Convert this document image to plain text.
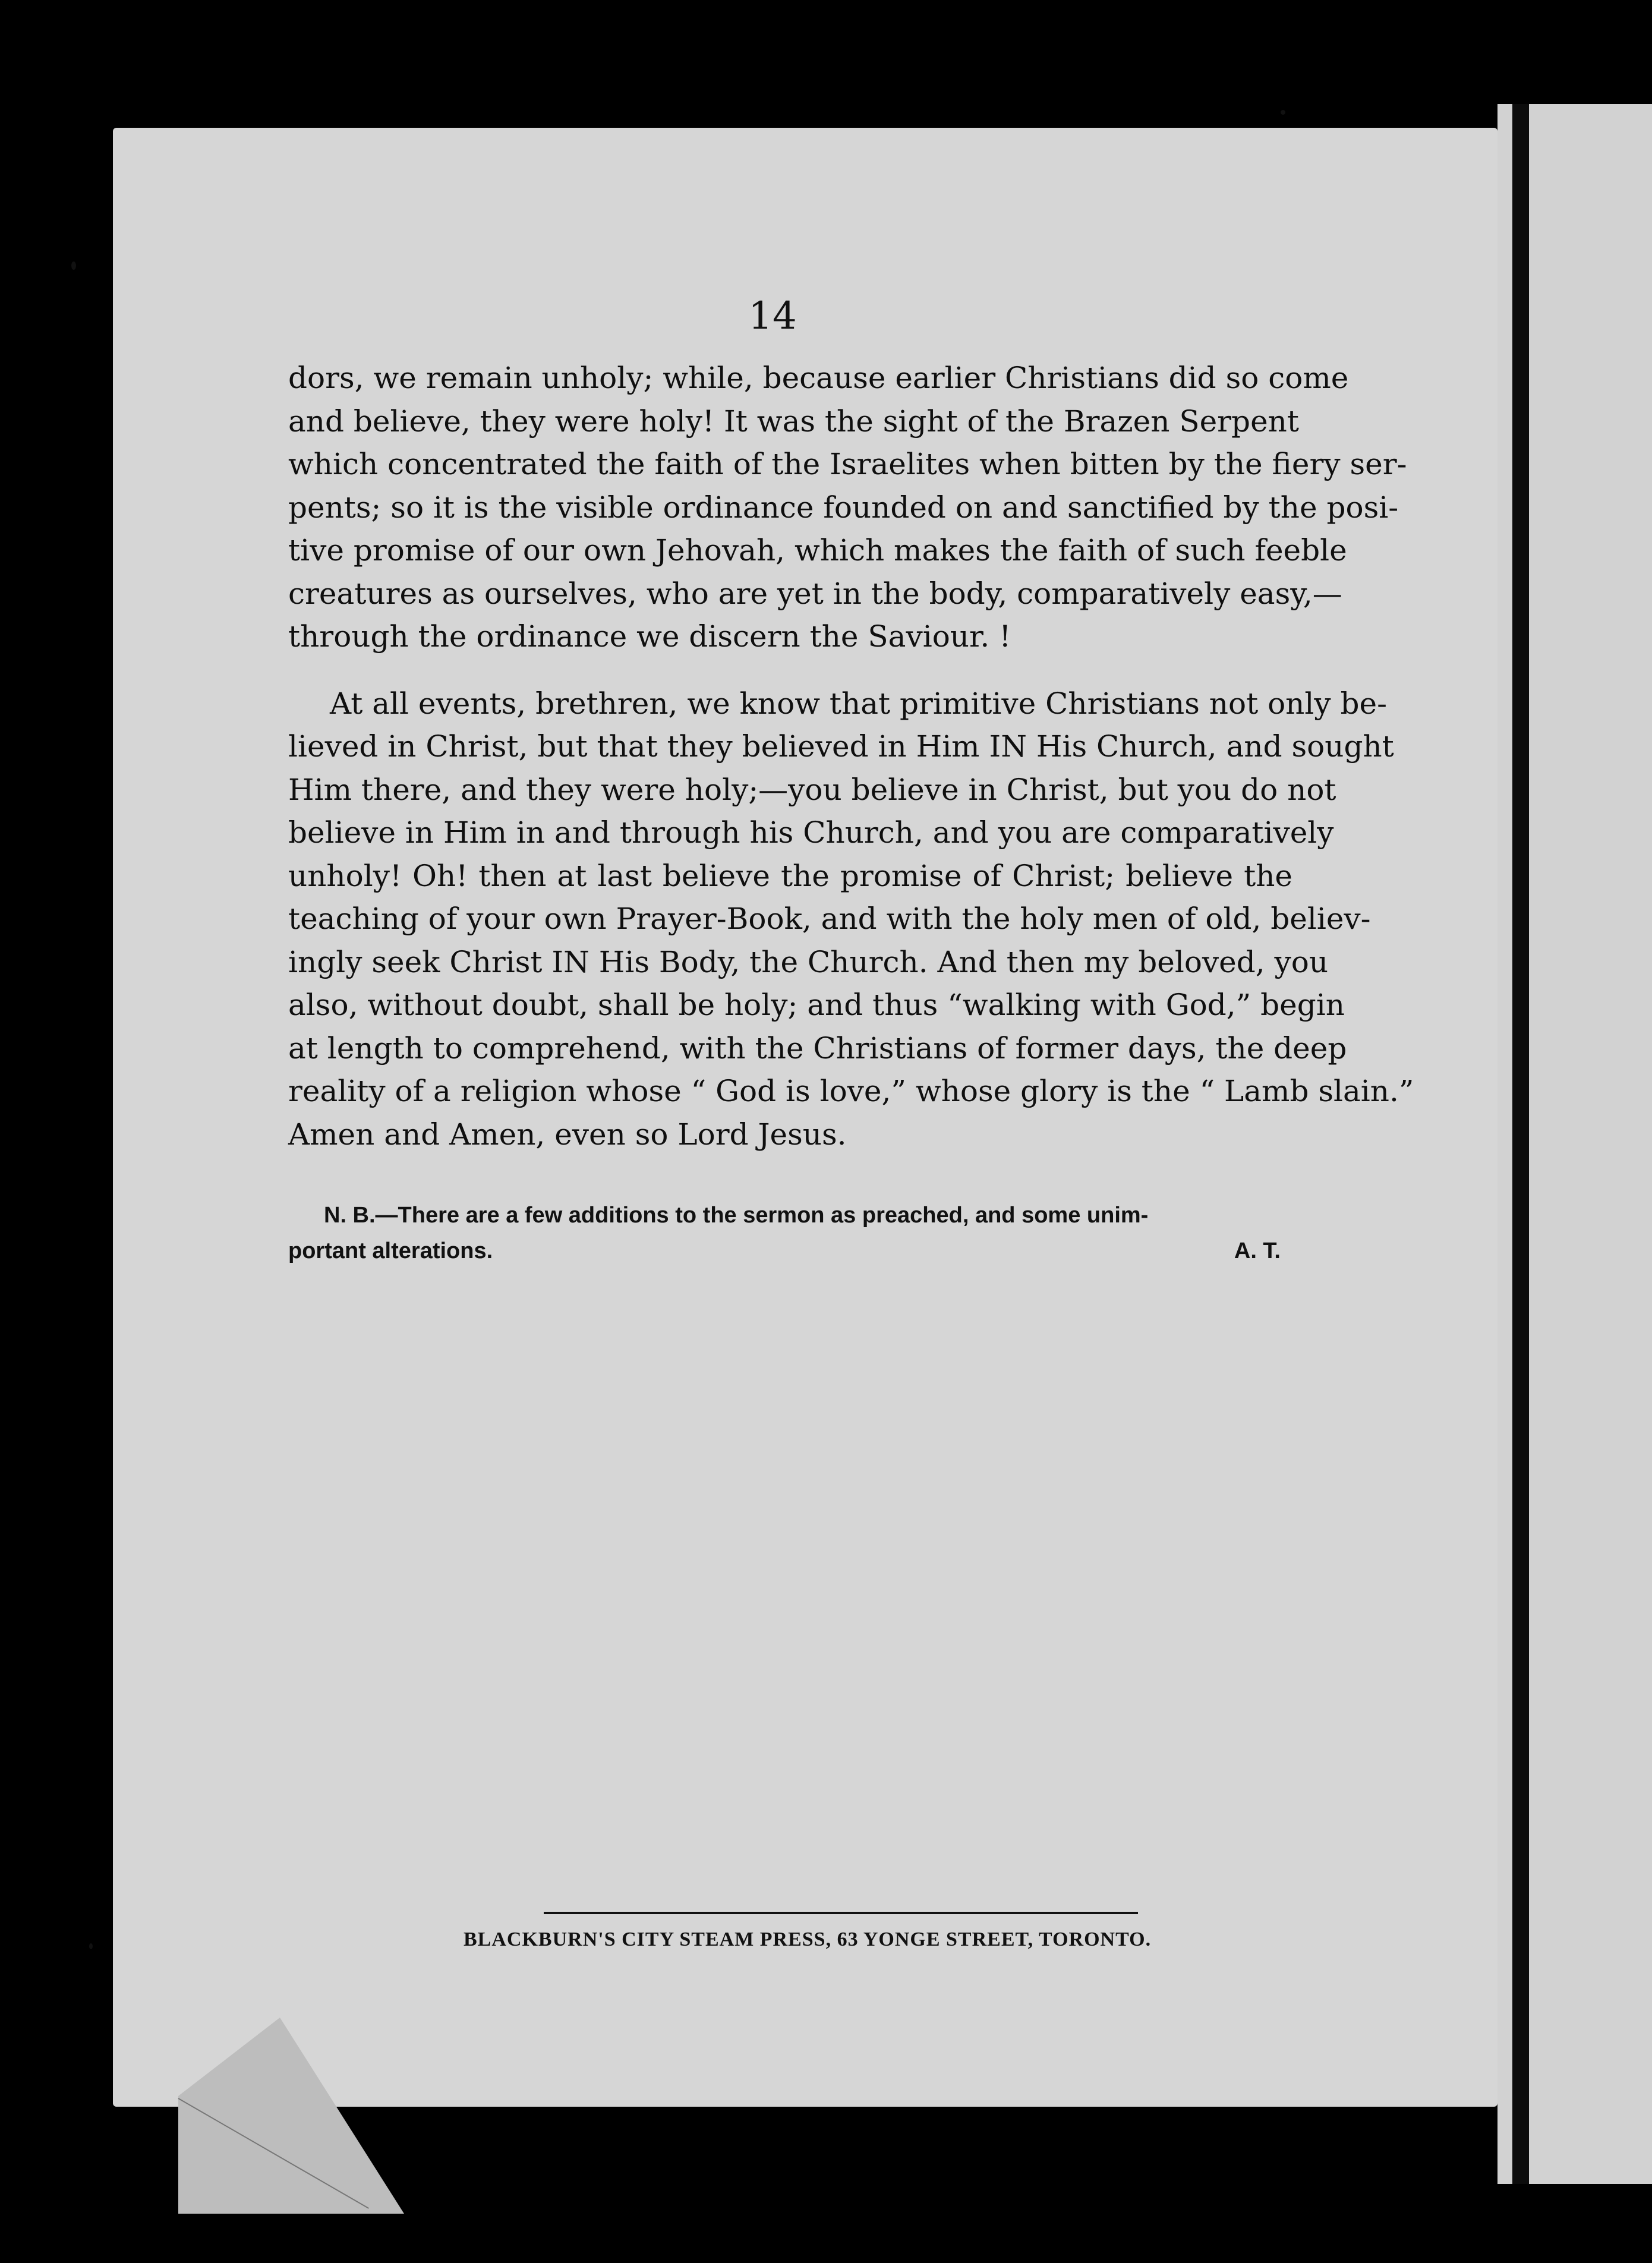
14
dors, we remain unholy; while, because earlier Christians did so come
and believe, they were holy! It was the sight of the Brazen Serpent
which concentrated the faith of the Israelites when bitten by the fiery ser-
pents; so it is the visible ordinance founded on and sanctified by the posi-
tive promise of our own Jehovah, which makes the faith of such feeble
creatures as ourselves, who are yet in the body, comparatively easy,—
through the ordinance we discern the Saviour. !
At all events, brethren, we know that primitive Christians not only be-
lieved in Christ, but that they believed in Him IN His Church, and sought
Him there, and they were holy;—you believe in Christ, but you do not
believe in Him in and through his Church, and you are comparatively
unholy! Oh! then at last believe the promise of Christ; believe the
teaching of your own Prayer-Book, and with the holy men of old, believ-
ingly seek Christ IN His Body, the Church. And then my beloved, you
also, without doubt, shall be holy; and thus “walking with God,” begin
at length to comprehend, with the Christians of former days, the deep
reality of a religion whose “ God is love,” whose glory is the “ Lamb slain.”
Amen and Amen, even so Lord Jesus.
N. B.—There are a few additions to the sermon as preached, and some unim-
portant alterations.	A. T.
BLACKBURN'S CITY STEAM PRESS, 63 YONGE STREET, TORONTO.
